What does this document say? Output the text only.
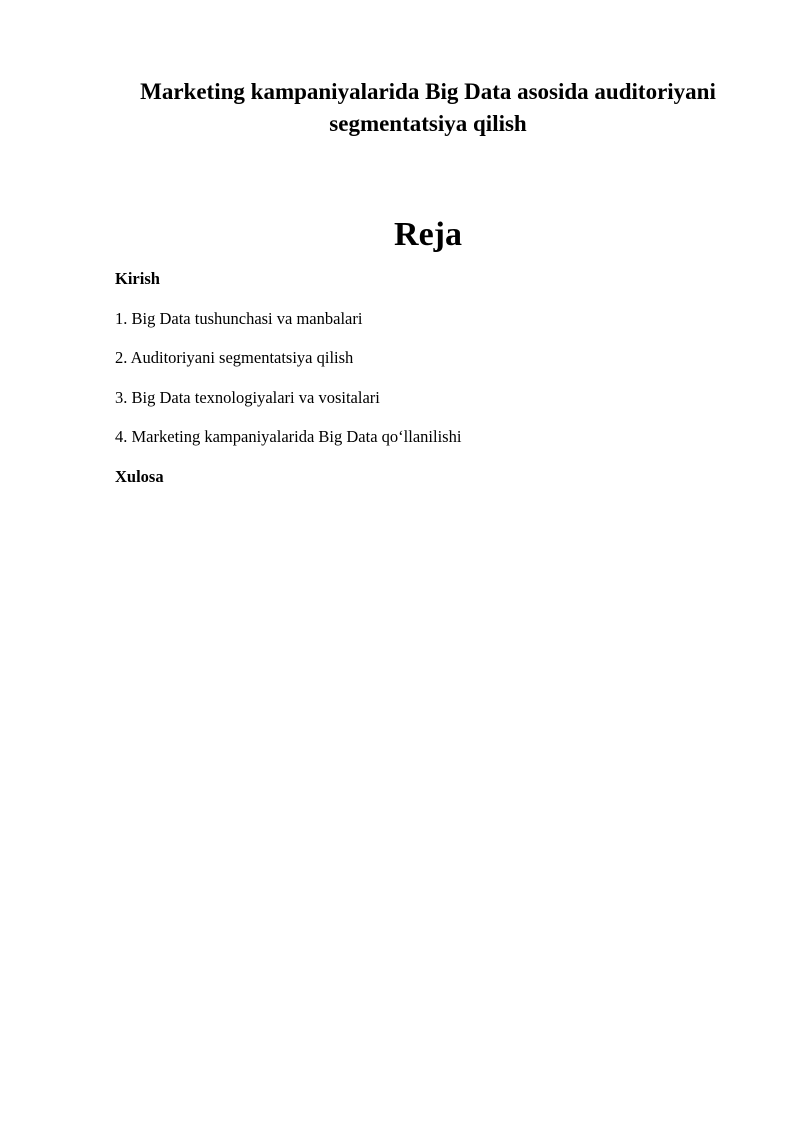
Marketing kampaniyalarida Big Data asosida auditoriyani segmentatsiya qilish
Reja
Kirish
1. Big Data tushunchasi va manbalari
2. Auditoriyani segmentatsiya qilish
3. Big Data texnologiyalari va vositalari
4. Marketing kampaniyalarida Big Data qo‘llanilishi
Xulosa
